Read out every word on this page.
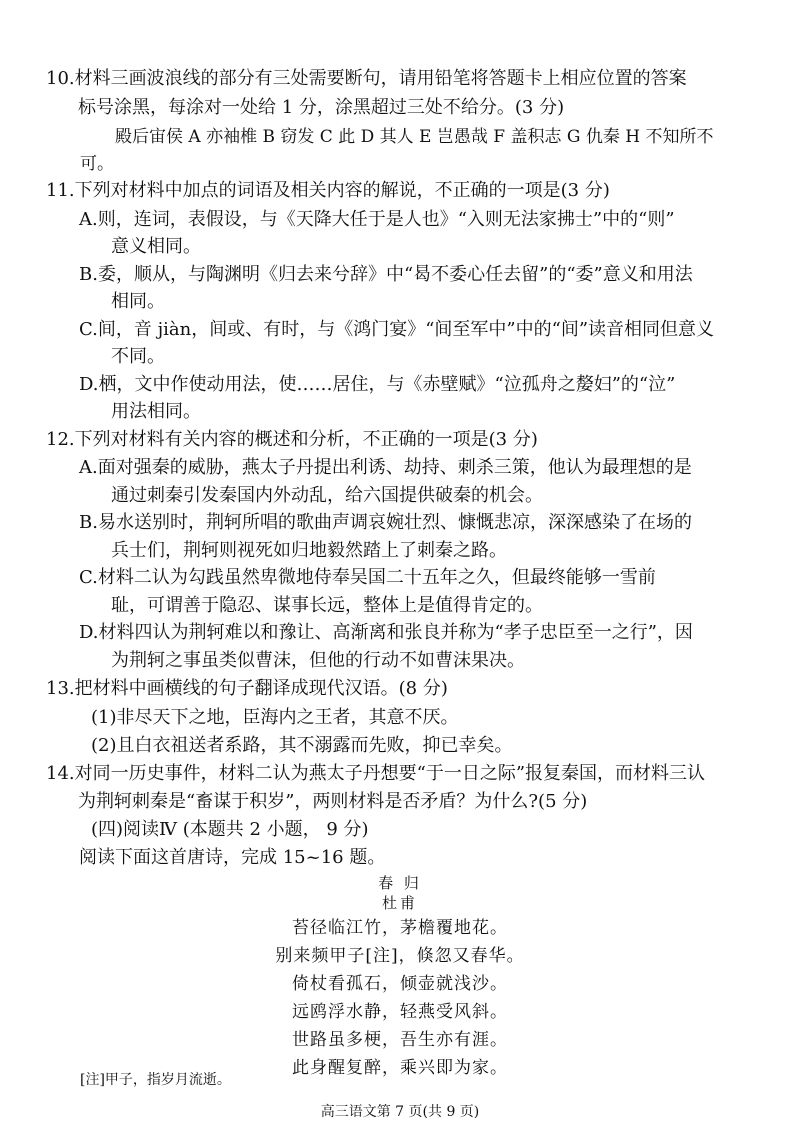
10.材料三画波浪线的部分有三处需要断句，请用铅笔将答题卡上相应位置的答案
标号涂黑，每涂对一处给 1 分，涂黑超过三处不给分。(3 分)
殿后宙侯 A 亦袖椎 B 窃发 C 此 D 其人 E 岂愚哉 F 盖积志 G 仇秦 H 不知所不
可。
11.下列对材料中加点的词语及相关内容的解说，不正确的一项是(3 分)
A.则，连词，表假设，与《天降大任于是人也》“入则无法家拂士”中的“则”
意义相同。
B.委，顺从，与陶渊明《归去来兮辞》中“曷不委心任去留”的“委”意义和用法
相同。
C.间，音 jiàn，间或、有时，与《鸿门宴》“间至军中”中的“间”读音相同但意义
不同。
D.栖，文中作使动用法，使……居住，与《赤壁赋》“泣孤舟之嫠妇”的“泣”
用法相同。
12.下列对材料有关内容的概述和分析，不正确的一项是(3 分)
A.面对强秦的威胁，燕太子丹提出利诱、劫持、刺杀三策，他认为最理想的是
通过刺秦引发秦国内外动乱，给六国提供破秦的机会。
B.易水送别时，荆轲所唱的歌曲声调哀婉壮烈、慷慨悲凉，深深感染了在场的
兵士们，荆轲则视死如归地毅然踏上了刺秦之路。
C.材料二认为勾践虽然卑微地侍奉吴国二十五年之久，但最终能够一雪前
耻，可谓善于隐忍、谋事长远，整体上是值得肯定的。
D.材料四认为荆轲难以和豫让、高渐离和张良并称为“孝子忠臣至一之行”，因
为荆轲之事虽类似曹沫，但他的行动不如曹沫果决。
13.把材料中画横线的句子翻译成现代汉语。(8 分)
(1)非尽天下之地，臣海内之王者，其意不厌。
(2)且白衣祖送者系路，其不溺露而先败，抑已幸矣。
14.对同一历史事件，材料二认为燕太子丹想要“于一日之际”报复秦国，而材料三认
为荆轲刺秦是“畜谋于积岁”，两则材料是否矛盾？为什么?(5 分)
(四)阅读Ⅳ (本题共 2 小题， 9 分)
阅读下面这首唐诗，完成 15~16 题。
春 归
杜甫
苔径临江竹，茅檐覆地花。
别来频甲子[注]，倏忽又春华。
倚杖看孤石，倾壶就浅沙。
远鸥浮水静，轻燕受风斜。
世路虽多梗，吾生亦有涯。
此身醒复醉，乘兴即为家。
[注]甲子，指岁月流逝。
高三语文第 7 页(共 9 页)
